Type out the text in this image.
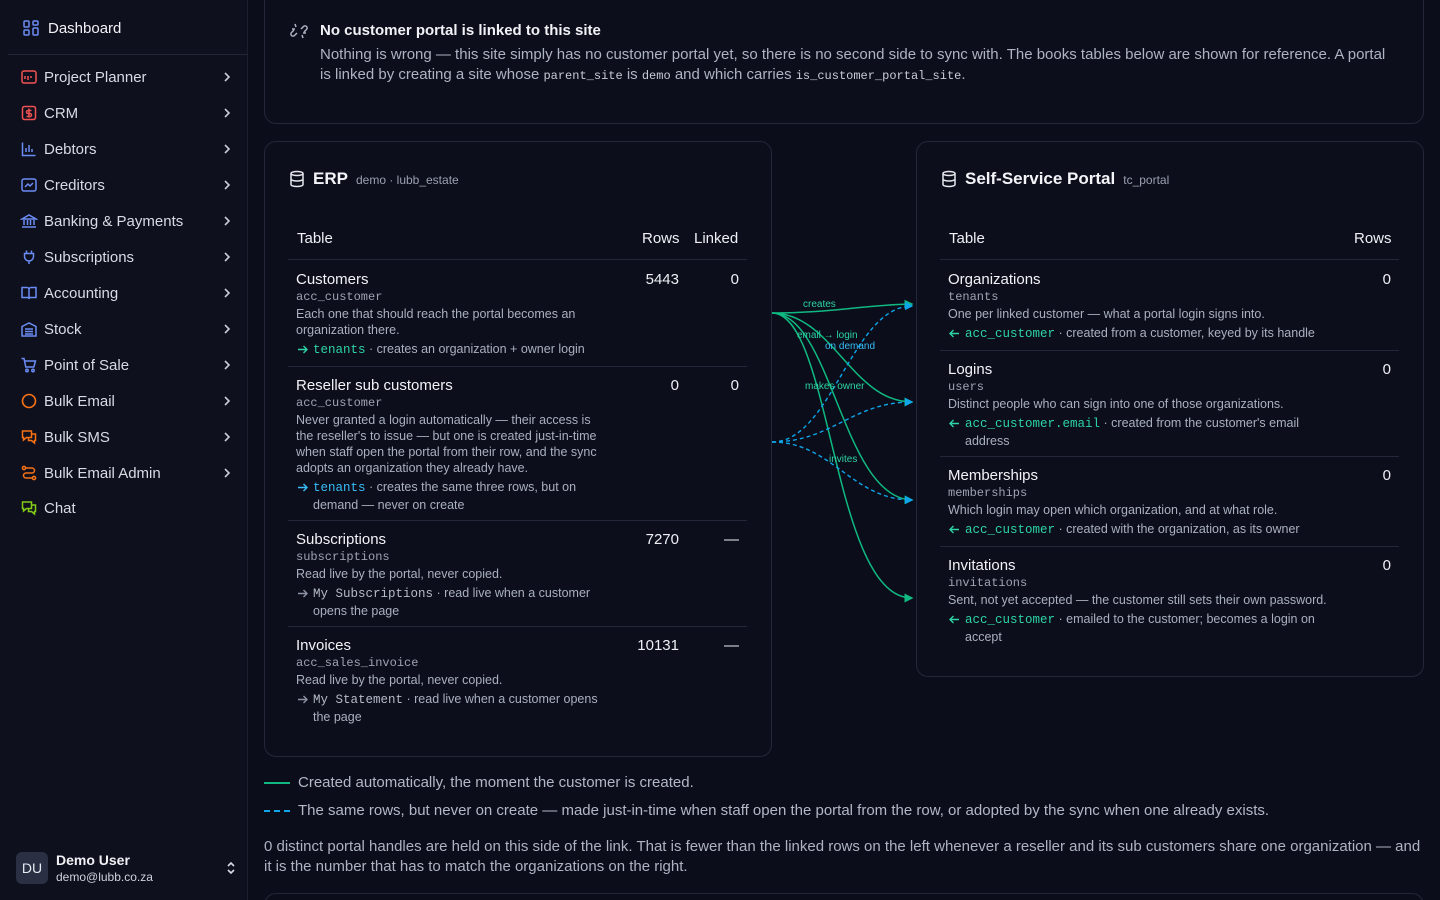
Dashboard
Project Planner
CRM
Debtors
Creditors
Banking & Payments
Subscriptions
Accounting
Stock
Point of Sale
Bulk Email
Bulk SMS
Bulk Email Admin
Chat
DU Demo User
demo@lubb.co.za
No customer portal is linked to this site
Nothing is wrong — this site simply has no customer portal yet, so there is no second side to sync with. The books tables below are shown for reference. A portal is linked by creating a site whose parent_site is demo and which carries is_customer_portal_site.
ERP demo · lubb_estate
Table	Rows Linked
Customers
acc_customer
Each one that should reach the portal becomes an
organization there.
tenants · creates an organization + owner login
5443	0
Reseller sub customers
acc_customer
Never granted a login automatically — their access is
the reseller's to issue — but one is created just-in-time
when staff open the portal from their row, and the sync
adopts an organization they already have.
tenants · creates the same three rows, but on
demand — never on create
0	0
Subscriptions
subscriptions
Read live by the portal, never copied.
My Subscriptions · read live when a customer
opens the page
7270	—
Invoices
acc_sales_invoice
Read live by the portal, never copied.
My Statement · read live when a customer opens
the page
10131	—
creates
email → login
on demand
makes owner
invites
Self-Service Portal tc_portal
Table	Rows
Organizations
tenants
One per linked customer — what a portal login signs into.
acc_customer · created from a customer, keyed by its handle
0
Logins
users
Distinct people who can sign into one of those organizations.
acc_customer.email · created from the customer's email
address
0
Memberships
memberships
Which login may open which organization, and at what role.
acc_customer · created with the organization, as its owner
0
Invitations
invitations
Sent, not yet accepted — the customer still sets their own password.
acc_customer · emailed to the customer; becomes a login on
accept
0
Created automatically, the moment the customer is created.
The same rows, but never on create — made just-in-time when staff open the portal from the row, or adopted by the sync when one already exists.

0 distinct portal handles are held on this side of the link. That is fewer than the linked rows on the left whenever a reseller and its sub customers share one organization — and it is the number that has to match the organizations on the right.
